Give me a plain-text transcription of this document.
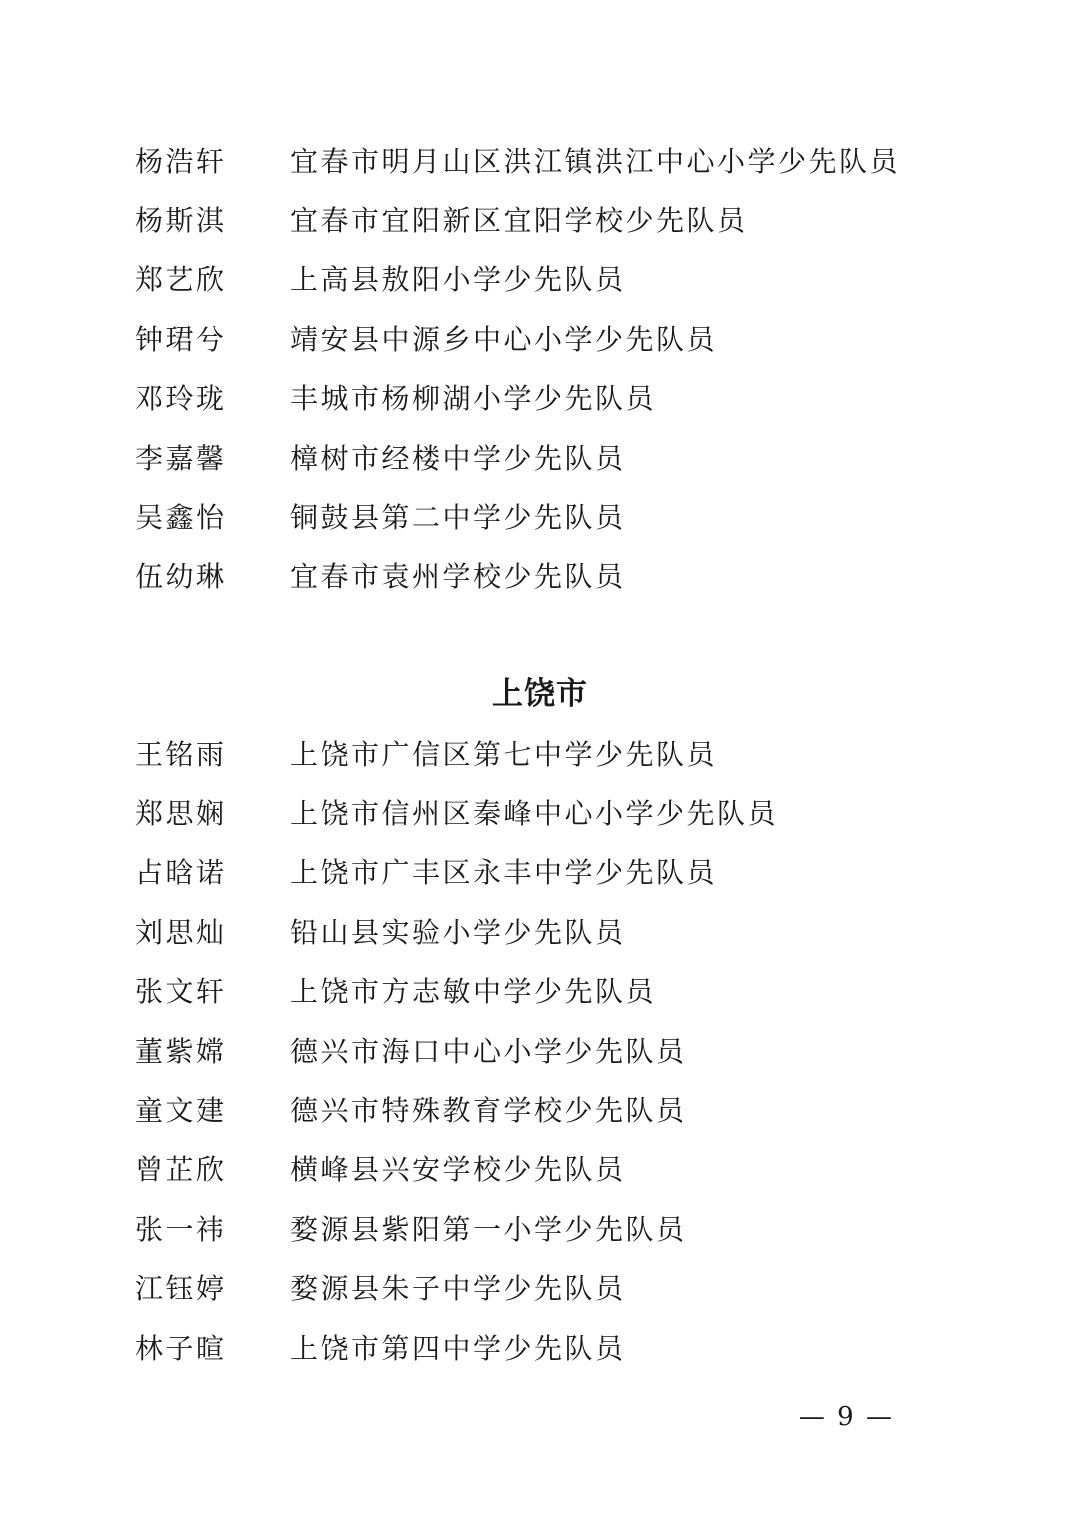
杨浩轩	宜春市明月山区洪江镇洪江中心小学少先队员
杨斯淇	宜春市宜阳新区宜阳学校少先队员
郑艺欣	上高县敖阳小学少先队员
钟珺兮	靖安县中源乡中心小学少先队员
邓玲珑	丰城市杨柳湖小学少先队员
李嘉馨	樟树市经楼中学少先队员
吴鑫怡	铜鼓县第二中学少先队员
伍幼琳	宜春市袁州学校少先队员
上饶市
王铭雨	上饶市广信区第七中学少先队员
郑思娴	上饶市信州区秦峰中心小学少先队员
占晗诺	上饶市广丰区永丰中学少先队员
刘思灿	铅山县实验小学少先队员
张文轩	上饶市方志敏中学少先队员
董紫嫦	德兴市海口中心小学少先队员
童文建	德兴市特殊教育学校少先队员
曾芷欣	横峰县兴安学校少先队员
张一祎	婺源县紫阳第一小学少先队员
江钰婷	婺源县朱子中学少先队员
林子暄	上饶市第四中学少先队员
— 9 —
